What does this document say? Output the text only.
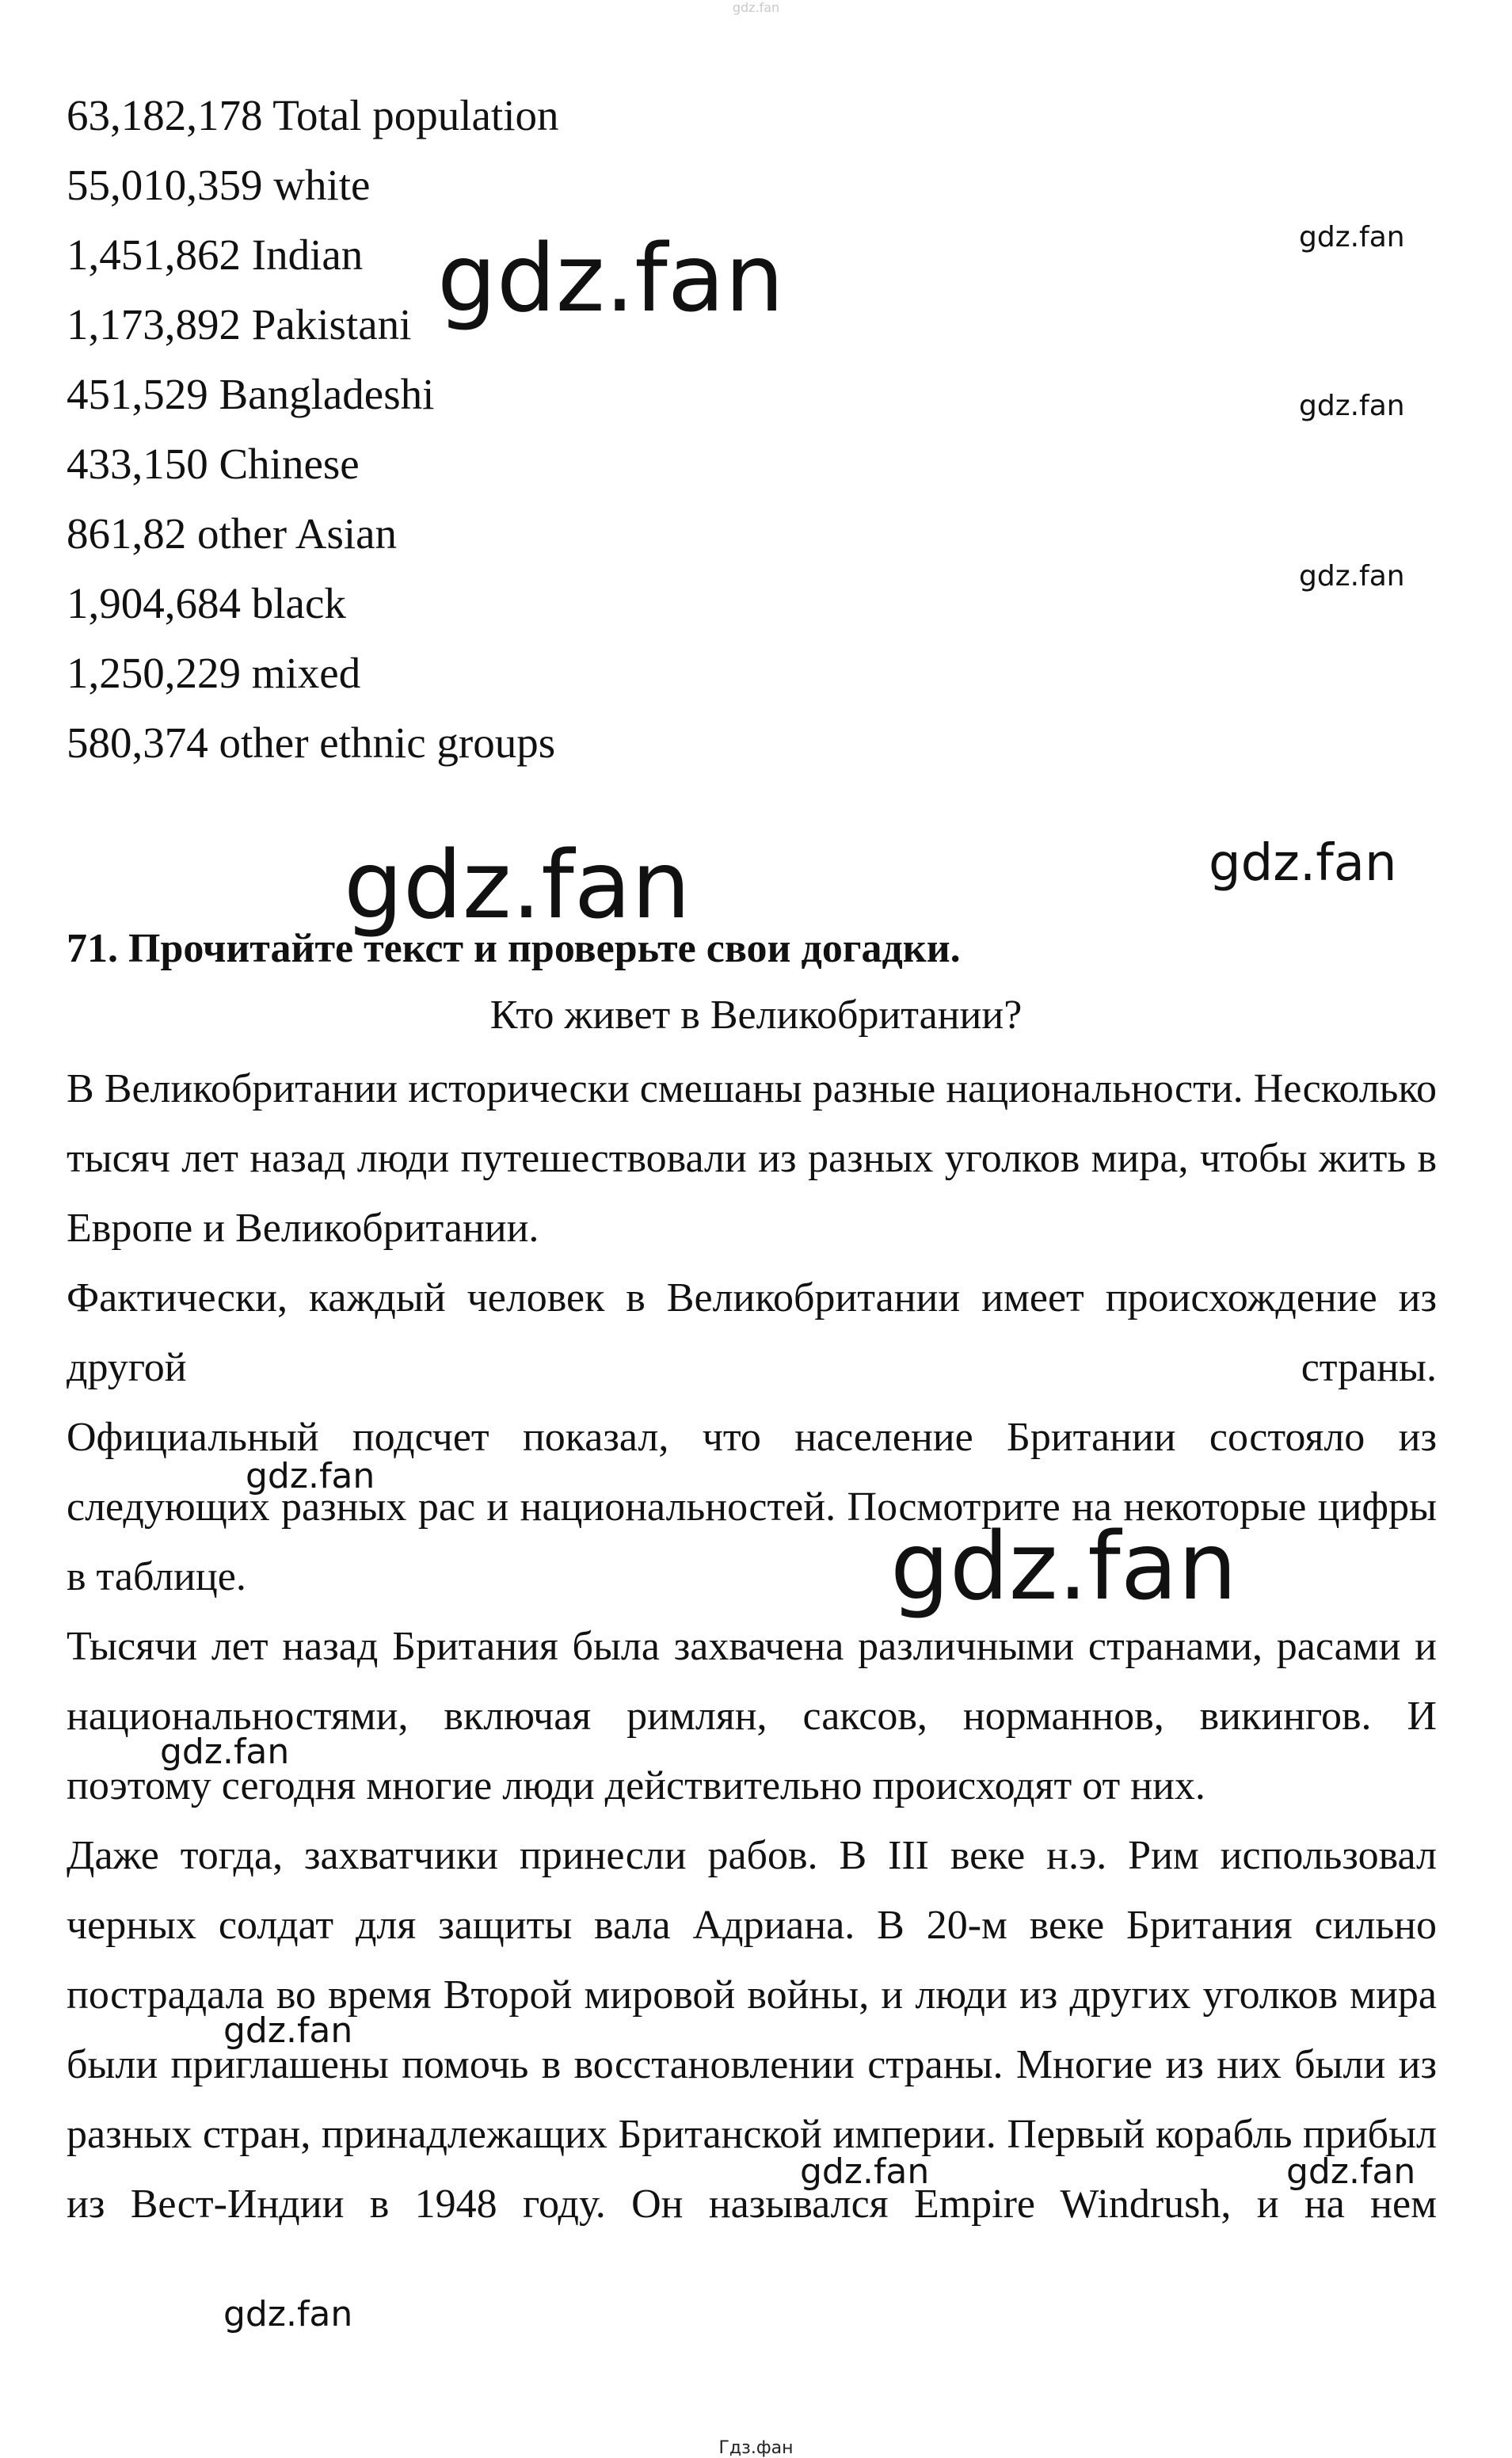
gdz.fan
63,182,178 Total population
55,010,359 white
1,451,862 Indian
1,173,892 Pakistani
451,529 Bangladeshi
433,150 Chinese
861,82 other Asian
1,904,684 black
1,250,229 mixed
580,374 other ethnic groups
71. Прочитайте текст и проверьте свои догадки.
Кто живет в Великобритании?

В Великобритании исторически смешаны разные национальности. Несколько тысяч лет назад люди путешествовали из разных уголков мира, чтобы жить в Европе и Великобритании.

Фактически, каждый человек в Великобритании имеет происхождение из другой страны.

Официальный подсчет показал, что население Британии состояло из следующих разных рас и национальностей. Посмотрите на некоторые цифры в таблице.

Тысячи лет назад Британия была захвачена различными странами, расами и национальностями, включая римлян, саксов, норманнов, викингов. И поэтому сегодня многие люди действительно происходят от них.

Даже тогда, захватчики принесли рабов. В III веке н.э. Рим использовал черных солдат для защиты вала Адриана. В 20-м веке Британия сильно пострадала во время Второй мировой войны, и люди из других уголков мира были приглашены помочь в восстановлении страны. Многие из них были из разных стран, принадлежащих Британской империи. Первый корабль прибыл из Вест-Индии в 1948 году. Он назывался Empire Windrush, и на нем

gdz.fan	gdz.fan
gdz.fan
gdz.fan
gdz.fan	gdz.fan
gdz.fan
gdz.fan
gdz.fan
gdz.fan
gdz.fan	gdz.fan
gdz.fan
Гдз.фан
